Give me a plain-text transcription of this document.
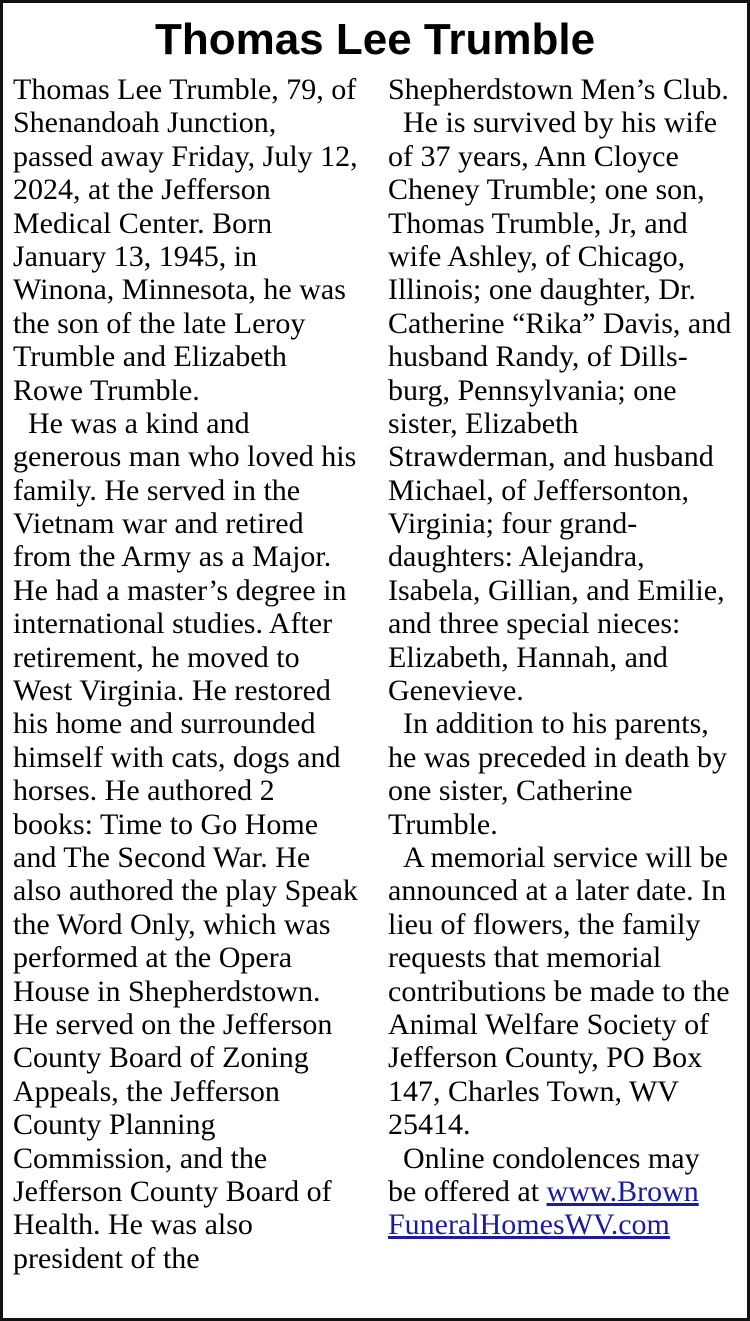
Thomas Lee Trumble
Thomas Lee Trumble, 79, of
Shenandoah Junction,
passed away Friday, July 12,
2024, at the Jefferson
Medical Center. Born
January 13, 1945, in
Winona, Minnesota, he was
the son of the late Leroy
Trumble and Elizabeth
Rowe Trumble.
He was a kind and
generous man who loved his
family. He served in the
Vietnam war and retired
from the Army as a Major.
He had a master’s degree in
international studies. After
retirement, he moved to
West Virginia. He restored
his home and surrounded
himself with cats, dogs and
horses. He authored 2
books: Time to Go Home
and The Second War. He
also authored the play Speak
the Word Only, which was
performed at the Opera
House in Shepherdstown.
He served on the Jefferson
County Board of Zoning
Appeals, the Jefferson
County Planning
Commission, and the
Jefferson County Board of
Health. He was also
president of the
Shepherdstown Men’s Club.
He is survived by his wife
of 37 years, Ann Cloyce
Cheney Trumble; one son,
Thomas Trumble, Jr, and
wife Ashley, of Chicago,
Illinois; one daughter, Dr.
Catherine “Rika” Davis, and
husband Randy, of Dills-
burg, Pennsylvania; one
sister, Elizabeth
Strawderman, and husband
Michael, of Jeffersonton,
Virginia; four grand-
daughters: Alejandra,
Isabela, Gillian, and Emilie,
and three special nieces:
Elizabeth, Hannah, and
Genevieve.
In addition to his parents,
he was preceded in death by
one sister, Catherine
Trumble.
A memorial service will be
announced at a later date. In
lieu of flowers, the family
requests that memorial
contributions be made to the
Animal Welfare Society of
Jefferson County, PO Box
147, Charles Town, WV
25414.
Online condolences may
be offered at www.Brown
FuneralHomesWV.com
